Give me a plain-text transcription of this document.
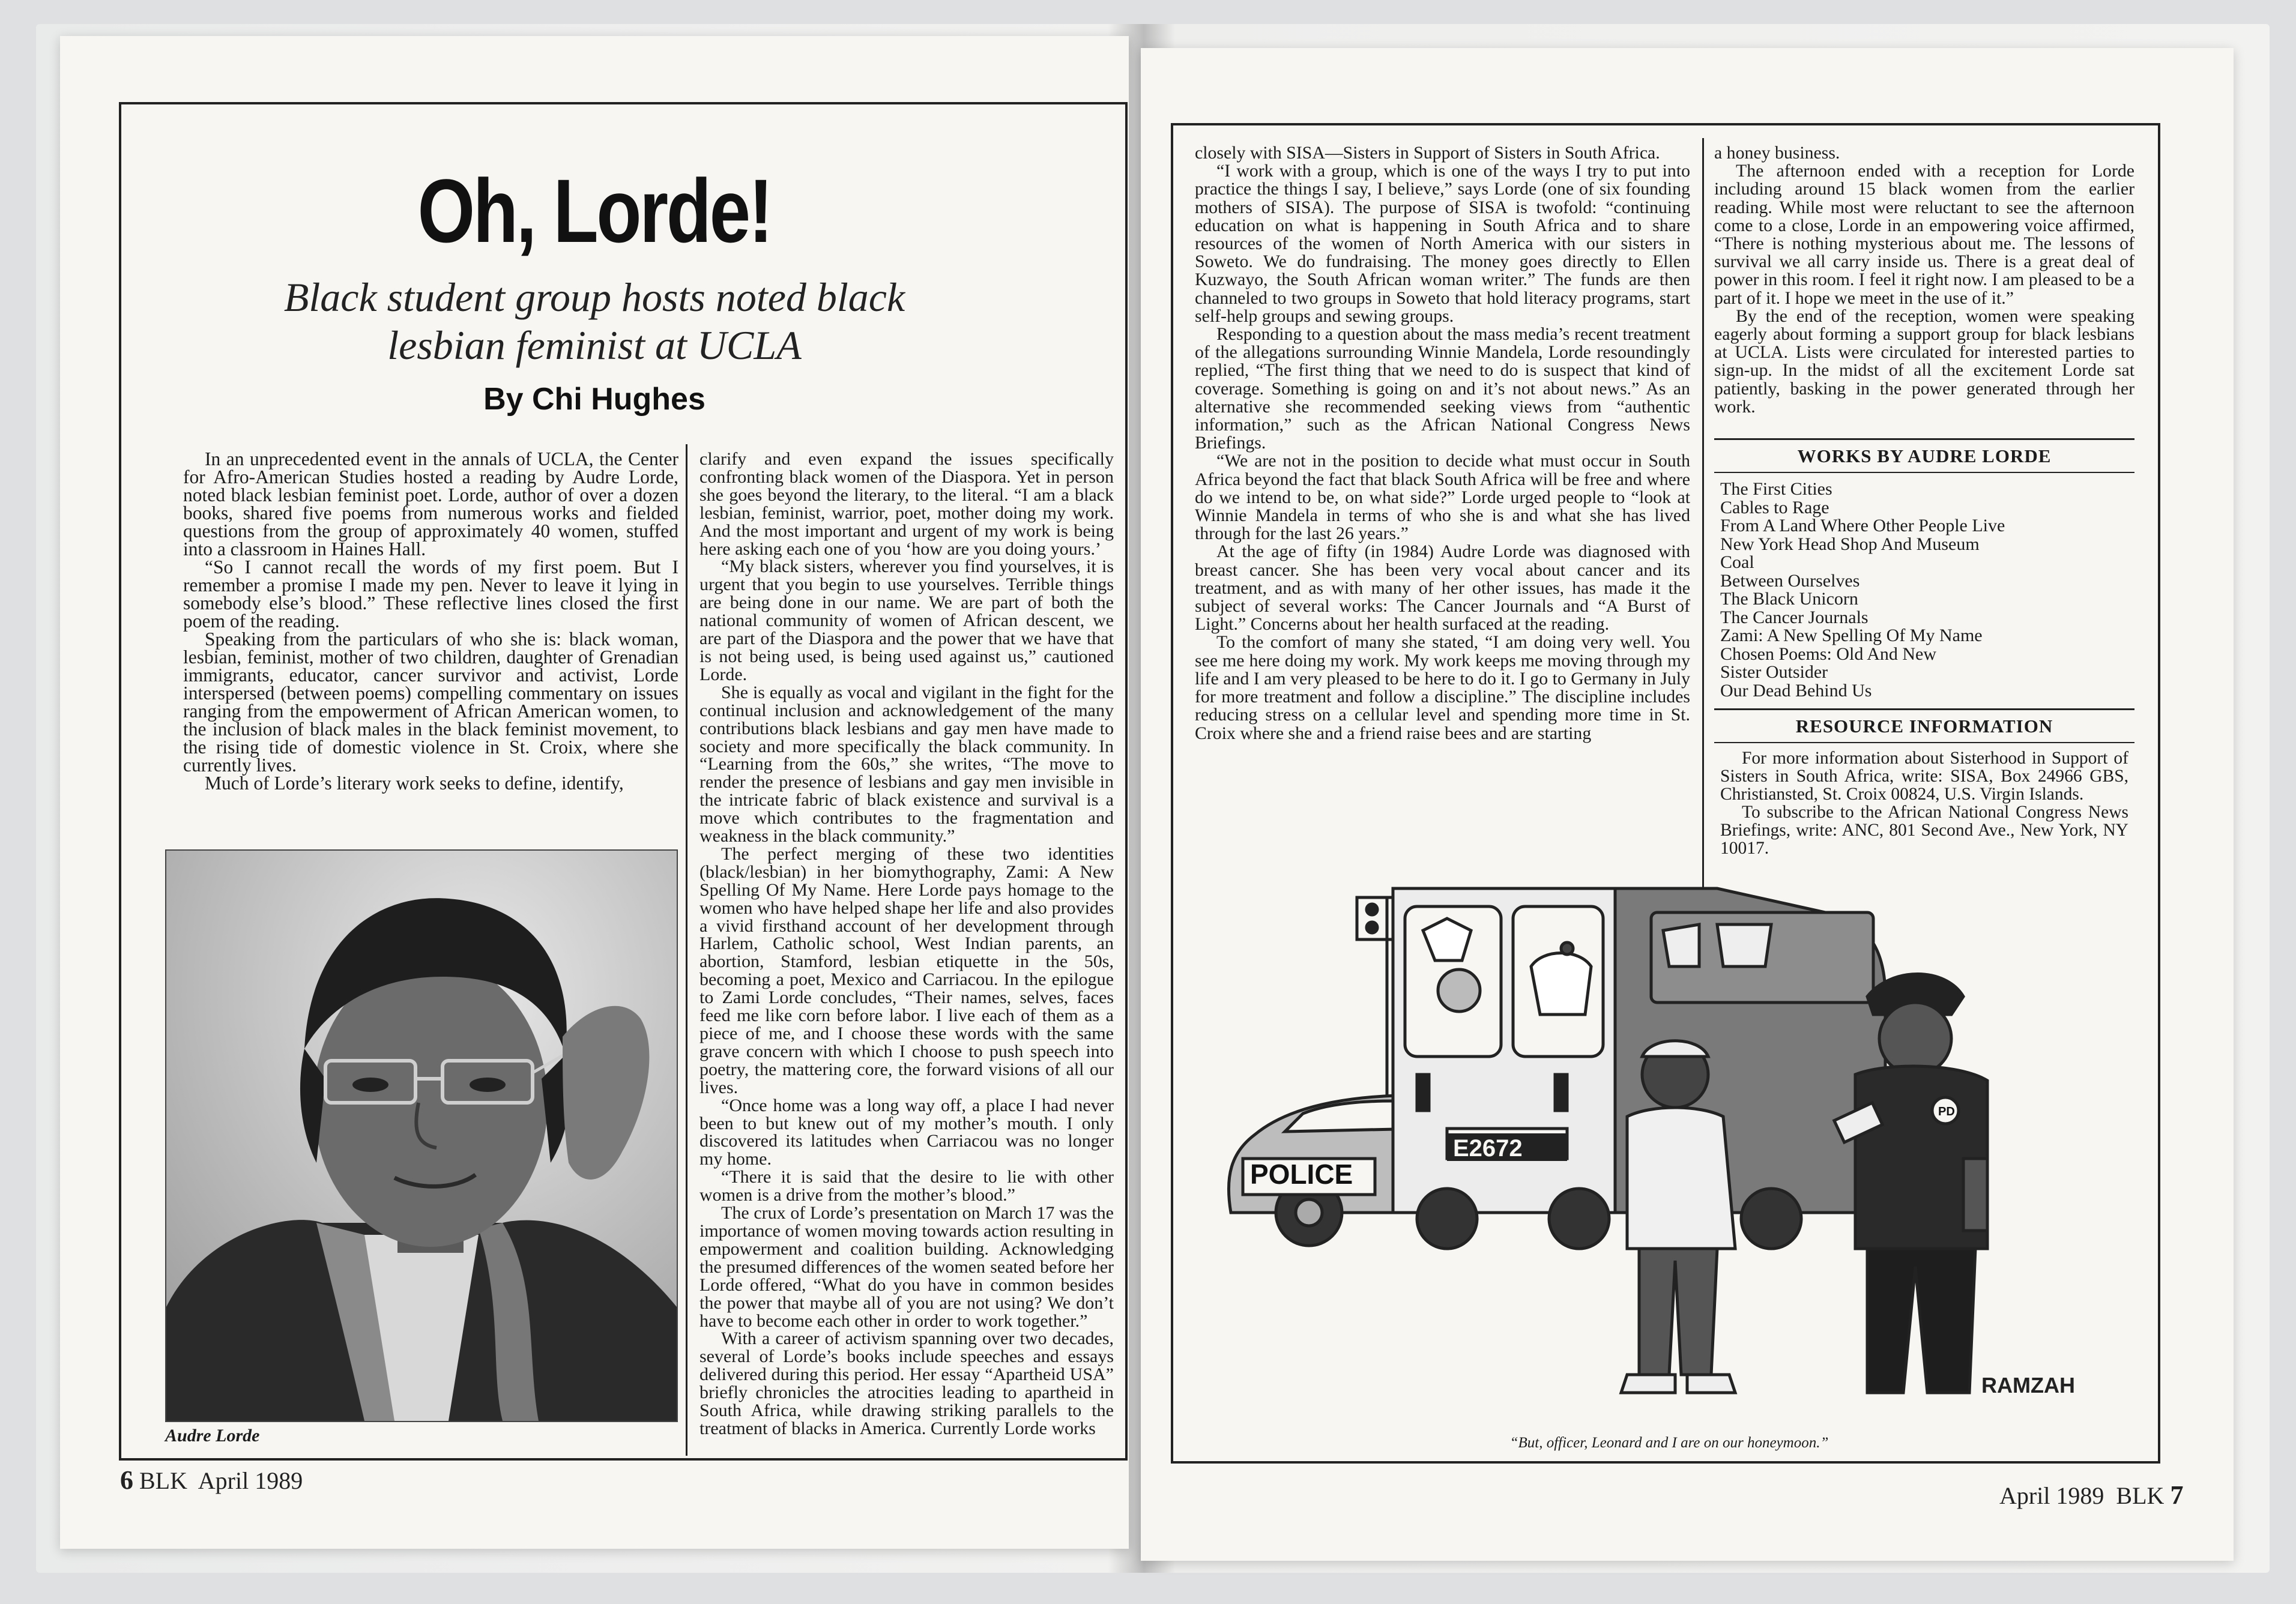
Oh, Lorde!
Black student group hosts noted black
lesbian feminist at UCLA
By Chi Hughes

In an unprecedented event in the annals of UCLA, the Center for Afro-American Studies hosted a reading by Audre Lorde, noted black lesbian feminist poet. Lorde, author of over a dozen books, shared five poems from numerous works and fielded questions from the group of approximately 40 women, stuffed into a classroom in Haines Hall.

“So I cannot recall the words of my first poem. But I remember a promise I made my pen. Never to leave it lying in somebody else’s blood.” These reflective lines closed the first poem of the reading.

Speaking from the particulars of who she is: black woman, lesbian, feminist, mother of two children, daughter of Grenadian immigrants, educator, cancer survivor and activist, Lorde interspersed (between poems) compelling commentary on issues ranging from the empowerment of African American women, to the inclusion of black males in the black feminist movement, to the rising tide of domestic violence in St. Croix, where she currently lives.

Much of Lorde’s literary work seeks to define, identify,

Audre Lorde

clarify and even expand the issues specifically confronting black women of the Diaspora. Yet in person she goes beyond the literary, to the literal. “I am a black lesbian, feminist, warrior, poet, mother doing my work. And the most important and urgent of my work is being here asking each one of you ‘how are you doing yours.’

“My black sisters, wherever you find yourselves, it is urgent that you begin to use yourselves. Terrible things are being done in our name. We are part of both the national community of women of African descent, we are part of the Diaspora and the power that we have that is not being used, is being used against us,” cautioned Lorde.

She is equally as vocal and vigilant in the fight for the continual inclusion and acknowledgement of the many contributions black lesbians and gay men have made to society and more specifically the black community. In “Learning from the 60s,” she writes, “The move to render the presence of lesbians and gay men invisible in the intricate fabric of black existence and survival is a move which contributes to the fragmentation and weakness in the black community.”

The perfect merging of these two identities (black/lesbian) in her biomythography, Zami: A New Spelling Of My Name. Here Lorde pays homage to the women who have helped shape her life and also provides a vivid firsthand account of her development through Harlem, Catholic school, West Indian parents, an abortion, Stamford, lesbian etiquette in the 50s, becoming a poet, Mexico and Carriacou. In the epilogue to Zami Lorde concludes, “Their names, selves, faces feed me like corn before labor. I live each of them as a piece of me, and I choose these words with the same grave concern with which I choose to push speech into poetry, the mattering core, the forward visions of all our lives.

“Once home was a long way off, a place I had never been to but knew out of my mother’s mouth. I only discovered its latitudes when Carriacou was no longer my home.

“There it is said that the desire to lie with other women is a drive from the mother’s blood.”

The crux of Lorde’s presentation on March 17 was the importance of women moving towards action resulting in empowerment and coalition building. Acknowledging the presumed differences of the women seated before her Lorde offered, “What do you have in common besides the power that maybe all of you are not using? We don’t have to become each other in order to work together.”

With a career of activism spanning over two decades, several of Lorde’s books include speeches and essays delivered during this period. Her essay “Apartheid USA” briefly chronicles the atrocities leading to apartheid in South Africa, while drawing striking parallels to the treatment of blacks in America. Currently Lorde works

6 BLK  April 1989

closely with SISA—Sisters in Support of Sisters in South Africa.

“I work with a group, which is one of the ways I try to put into practice the things I say, I believe,” says Lorde (one of six founding mothers of SISA). The purpose of SISA is twofold: “continuing education on what is happening in South Africa and to share resources of the women of North America with our sisters in Soweto. We do fundraising. The money goes directly to Ellen Kuzwayo, the South African woman writer.” The funds are then channeled to two groups in Soweto that hold literacy programs, start self-help groups and sewing groups.

Responding to a question about the mass media’s recent treatment of the allegations surrounding Winnie Mandela, Lorde resoundingly replied, “The first thing that we need to do is suspect that kind of coverage. Something is going on and it’s not about news.” As an alternative she recommended seeking views from “authentic information,” such as the African National Congress News Briefings.

“We are not in the position to decide what must occur in South Africa beyond the fact that black South Africa will be free and where do we intend to be, on what side?” Lorde urged people to “look at Winnie Mandela in terms of who she is and what she has lived through for the last 26 years.”

At the age of fifty (in 1984) Audre Lorde was diagnosed with breast cancer. She has been very vocal about cancer and its treatment, and as with many of her other issues, has made it the subject of several works: The Cancer Journals and “A Burst of Light.” Concerns about her health surfaced at the reading.

To the comfort of many she stated, “I am doing very well. You see me here doing my work. My work keeps me moving through my life and I am very pleased to be here to do it. I go to Germany in July for more treatment and follow a discipline.” The discipline includes reducing stress on a cellular level and spending more time in St. Croix where she and a friend raise bees and are starting

a honey business.

The afternoon ended with a reception for Lorde including around 15 black women from the earlier reading. While most were reluctant to see the afternoon come to a close, Lorde in an empowering voice affirmed, “There is nothing mysterious about me. The lessons of survival we all carry inside us. There is a great deal of power in this room. I feel it right now. I am pleased to be a part of it. I hope we meet in the use of it.”

By the end of the reception, women were speaking eagerly about forming a support group for black lesbians at UCLA. Lists were circulated for interested parties to sign-up. In the midst of all the excitement Lorde sat patiently, basking in the power generated through her work.

WORKS BY AUDRE LORDE
The First Cities
Cables to Rage
From A Land Where Other People Live
New York Head Shop And Museum
Coal
Between Ourselves
The Black Unicorn
The Cancer Journals
Zami: A New Spelling Of My Name
Chosen Poems: Old And New
Sister Outsider
Our Dead Behind Us
RESOURCE INFORMATION

For more information about Sisterhood in Support of Sisters in South Africa, write: SISA, Box 24966 GBS, Christiansted, St. Croix 00824, U.S. Virgin Islands.

To subscribe to the African National Congress News Briefings, write: ANC, 801 Second Ave., New York, NY 10017.

POLICE
E2672
PD
RAMZAH
“But, officer, Leonard and I are on our honeymoon.”
April 1989  BLK 7
